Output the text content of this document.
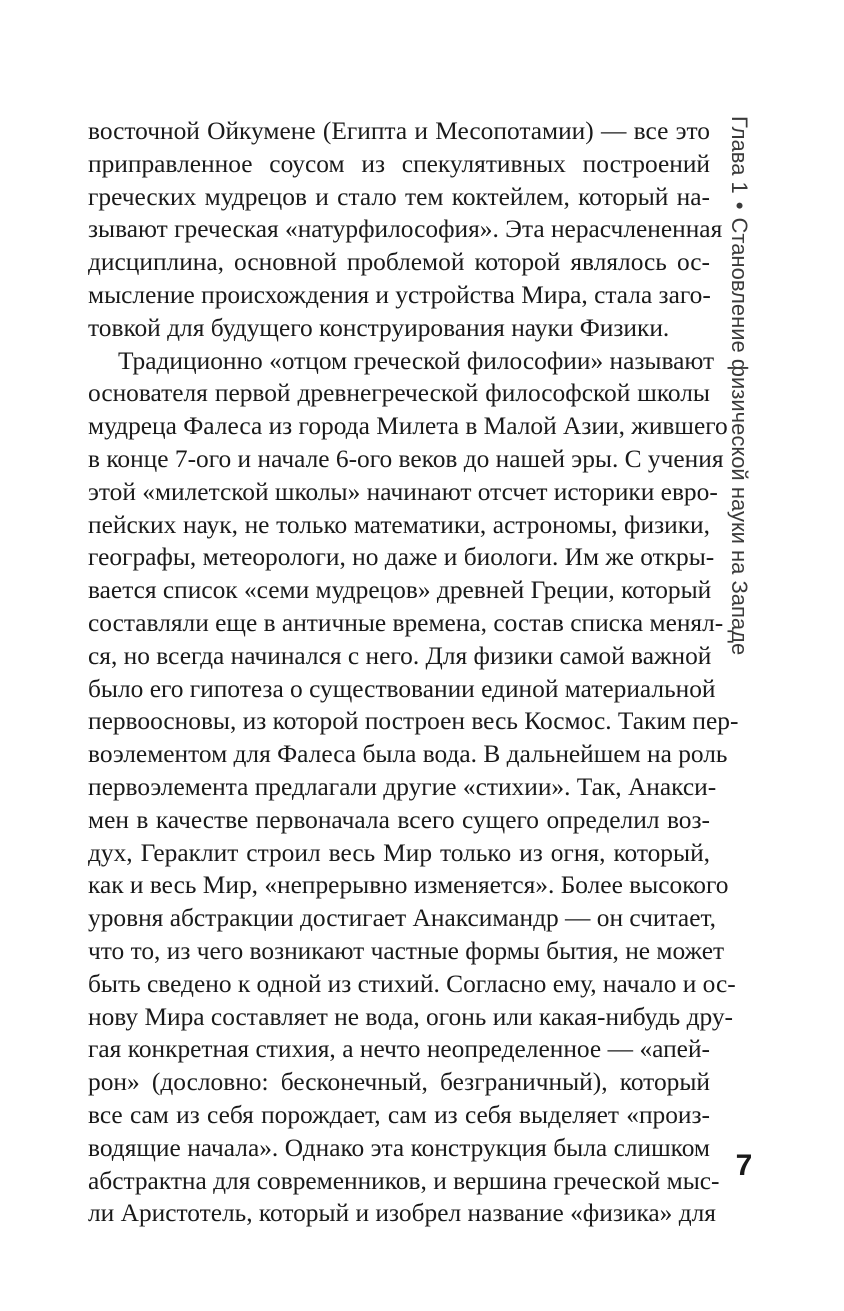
восточной Ойкумене (Египта и Месопотамии) — все это
приправленное соусом из спекулятивных построений
греческих мудрецов и стало тем коктейлем, который на-
зывают греческая «натурфилософия». Эта нерасчлененная
дисциплина, основной проблемой которой являлось ос-
мысление происхождения и устройства Мира, стала заго-
товкой для будущего конструирования науки Физики.
Традиционно «отцом греческой философии» называют
основателя первой древнегреческой философской школы
мудреца Фалеса из города Милета в Малой Азии, жившего
в конце 7-ого и начале 6-ого веков до нашей эры. С учения
этой «милетской школы» начинают отсчет историки евро-
пейских наук, не только математики, астрономы, физики,
географы, метеорологи, но даже и биологи. Им же откры-
вается список «семи мудрецов» древней Греции, который
составляли еще в античные времена, состав списка менял-
ся, но всегда начинался с него. Для физики самой важной
было его гипотеза о существовании единой материальной
первоосновы, из которой построен весь Космос. Таким пер-
воэлементом для Фалеса была вода. В дальнейшем на роль
первоэлемента предлагали другие «стихии». Так, Анакси-
мен в качестве первоначала всего сущего определил воз-
дух, Гераклит строил весь Мир только из огня, который,
как и весь Мир, «непрерывно изменяется». Более высокого
уровня абстракции достигает Анаксимандр — он считает,
что то, из чего возникают частные формы бытия, не может
быть сведено к одной из стихий. Согласно ему, начало и ос-
нову Мира составляет не вода, огонь или какая-нибудь дру-
гая конкретная стихия, а нечто неопределенное — «апей-
рон» (дословно: бесконечный, безграничный), который
все сам из себя порождает, сам из себя выделяет «произ-
водящие начала». Однако эта конструкция была слишком
абстрактна для современников, и вершина греческой мыс-
ли Аристотель, который и изобрел название «физика» для
Глава 1•Становление физической науки на Западе
7
